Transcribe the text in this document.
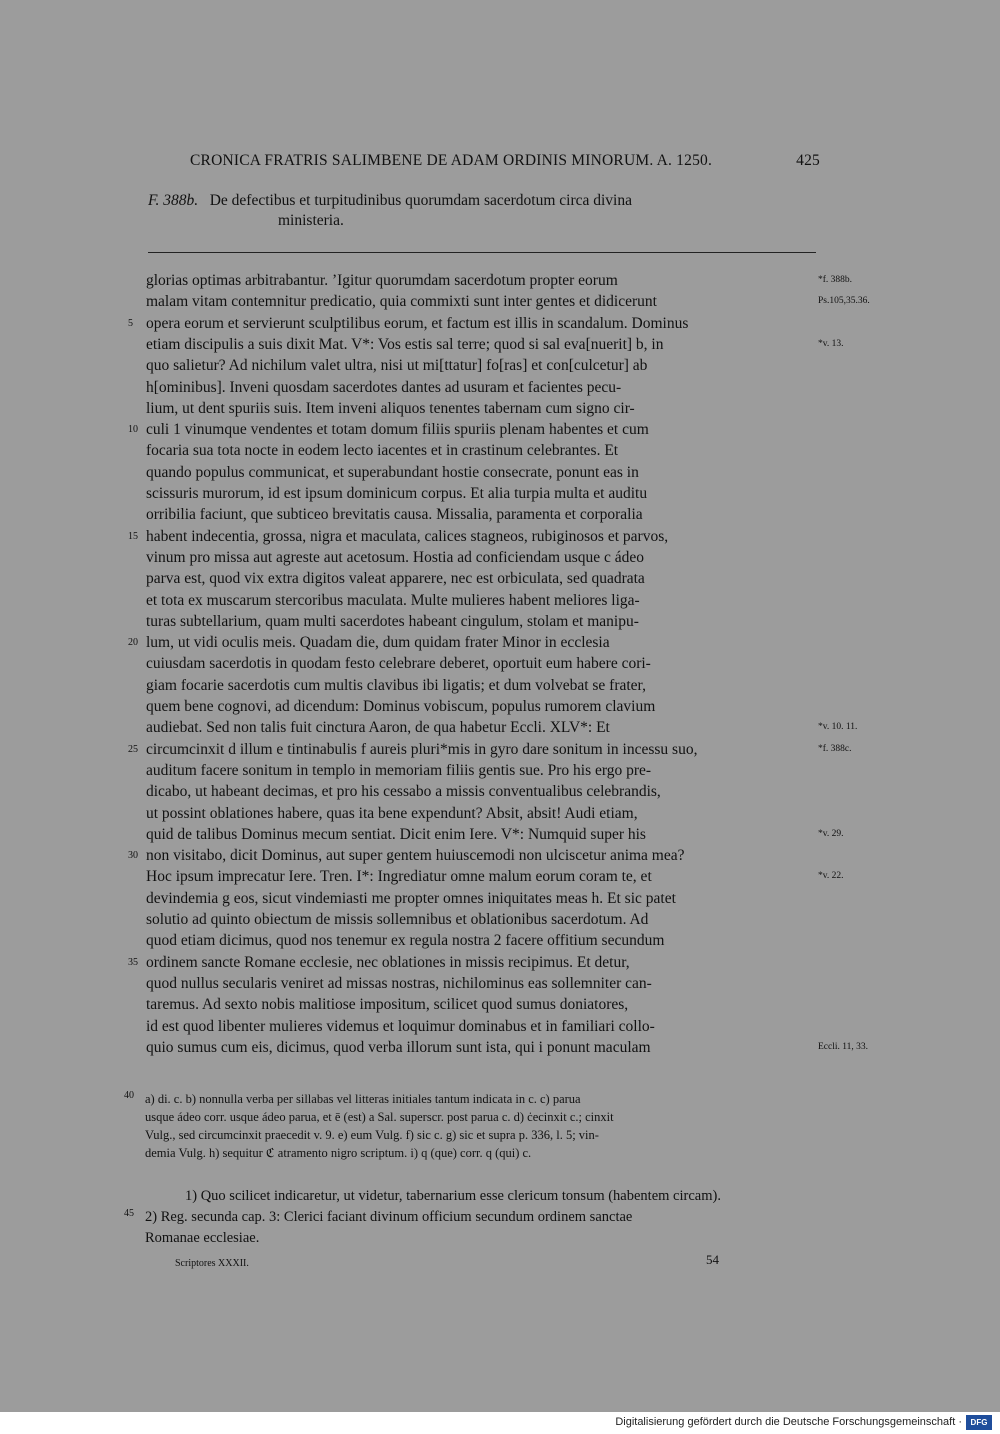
CRONICA FRATRIS SALIMBENE DE ADAM ORDINIS MINORUM. A. 1250.	425
F. 388b. De defectibus et turpitudinibus quorumdam sacerdotum circa divina
ministeria.
glorias optimas arbitrabantur. ʼIgitur quorumdam sacerdotum propter eorum	*f. 388b.
malam vitam contemnitur predicatio, quia commixti sunt inter gentes et didicerunt	Ps.105,35.36.
opera eorum et servierunt sculptilibus eorum, et factum est illis in scandalum. Dominus
5
etiam discipulis a suis dixit Mat. V*: Vos estis sal terre; quod si sal eva[nuerit] b, in	*v. 13.
quo salietur? Ad nichilum valet ultra, nisi ut mi[ttatur] fo[ras] et con[culcetur] ab
h[ominibus]. Inveni quosdam sacerdotes dantes ad usuram et facientes pecu-
lium, ut dent spuriis suis. Item inveni aliquos tenentes tabernam cum signo cir-
culi 1 vinumque vendentes et totam domum filiis spuriis plenam habentes et cum
10
focaria sua tota nocte in eodem lecto iacentes et in crastinum celebrantes. Et
quando populus communicat, et superabundant hostie consecrate, ponunt eas in
scissuris murorum, id est ipsum dominicum corpus. Et alia turpia multa et auditu
orribilia faciunt, que subticeo brevitatis causa. Missalia, paramenta et corporalia
habent indecentia, grossa, nigra et maculata, calices stagneos, rubiginosos et parvos,
15
vinum pro missa aut agreste aut acetosum. Hostia ad conficiendam usque c ádeo
parva est, quod vix extra digitos valeat apparere, nec est orbiculata, sed quadrata
et tota ex muscarum stercoribus maculata. Multe mulieres habent meliores liga-
turas subtellarium, quam multi sacerdotes habeant cingulum, stolam et manipu-
lum, ut vidi oculis meis. Quadam die, dum quidam frater Minor in ecclesia
20
cuiusdam sacerdotis in quodam festo celebrare deberet, oportuit eum habere cori-
giam focarie sacerdotis cum multis clavibus ibi ligatis; et dum volvebat se frater,
quem bene cognovi, ad dicendum: Dominus vobiscum, populus rumorem clavium
audiebat. Sed non talis fuit cinctura Aaron, de qua habetur Eccli. XLV*: Et	*v. 10. 11.
circumcinxit d illum e tintinabulis f aureis pluri*mis in gyro dare sonitum in incessu suo,
25	*f. 388c.
auditum facere sonitum in templo in memoriam filiis gentis sue. Pro his ergo pre-
dicabo, ut habeant decimas, et pro his cessabo a missis conventualibus celebrandis,
ut possint oblationes habere, quas ita bene expendunt? Absit, absit! Audi etiam,
quid de talibus Dominus mecum sentiat. Dicit enim Iere. V*: Numquid super his	*v. 29.
non visitabo, dicit Dominus, aut super gentem huiuscemodi non ulciscetur anima mea?
30
Hoc ipsum imprecatur Iere. Tren. I*: Ingrediatur omne malum eorum coram te, et	*v. 22.
devindemia g eos, sicut vindemiasti me propter omnes iniquitates meas h. Et sic patet
solutio ad quinto obiectum de missis sollemnibus et oblationibus sacerdotum. Ad
quod etiam dicimus, quod nos tenemur ex regula nostra 2 facere offitium secundum
ordinem sancte Romane ecclesie, nec oblationes in missis recipimus. Et detur,
35
quod nullus secularis veniret ad missas nostras, nichilominus eas sollemniter can-
taremus. Ad sexto nobis malitiose impositum, scilicet quod sumus doniatores,
id est quod libenter mulieres videmus et loquimur dominabus et in familiari collo-
quio sumus cum eis, dicimus, quod verba illorum sunt ista, qui i ponunt maculam	Eccli. 11, 33.
40 a) di. c. b) nonnulla verba per sillabas vel litteras initiales tantum indicata in c. c) parua
usque ádeo corr. usque ádeo parua, et ē (est) a Sal. superscr. post parua c. d) ċecinxit c.; cinxit
Vulg., sed circumcinxit praecedit v. 9. e) eum Vulg. f) sic c. g) sic et supra p. 336, l. 5; vin-
demia Vulg. h) sequitur ℭ atramento nigro scriptum. i) q (que) corr. q (qui) c.
45
1) Quo scilicet indicaretur, ut videtur, tabernarium esse clericum tonsum (habentem circam).
2) Reg. secunda cap. 3: Clerici faciant divinum officium secundum ordinem sanctae
Romanae ecclesiae.
Scriptores XXXII.	54
Digitalisierung gefördert durch die Deutsche Forschungsgemeinschaft ·	DFG
